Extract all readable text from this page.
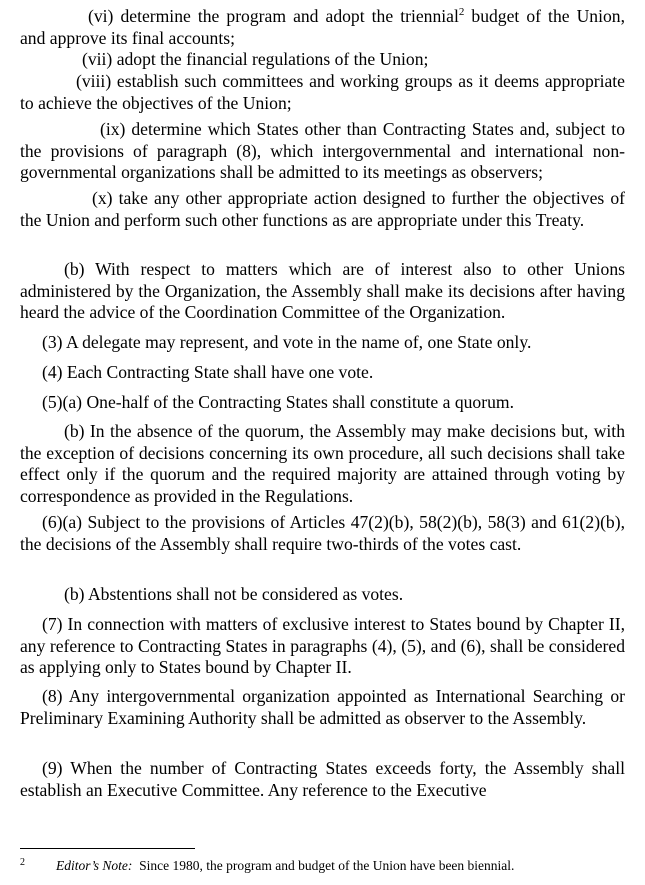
(vi) determine the program and adopt the triennial$^2$ budget of the Union, and approve its final accounts;

(vii) adopt the financial regulations of the Union;

(viii) establish such committees and working groups as it deems appropriate to achieve the objectives of the Union;

(ix) determine which States other than Contracting States and, subject to the provisions of paragraph (8), which intergovernmental and international non-governmental organizations shall be admitted to its meetings as observers;

(x) take any other appropriate action designed to further the objectives of the Union and perform such other functions as are appropriate under this Treaty.

(b) With respect to matters which are of interest also to other Unions administered by the Organization, the Assembly shall make its decisions after having heard the advice of the Coordination Committee of the Organization.

(3) A delegate may represent, and vote in the name of, one State only.

(4) Each Contracting State shall have one vote.

(5)(a) One-half of the Contracting States shall constitute a quorum.

(b) In the absence of the quorum, the Assembly may make decisions but, with the exception of decisions concerning its own procedure, all such decisions shall take effect only if the quorum and the required majority are attained through voting by correspondence as provided in the Regulations.

(6)(a) Subject to the provisions of Articles 47(2)(b), 58(2)(b), 58(3) and 61(2)(b), the decisions of the Assembly shall require two-thirds of the votes cast.

(b) Abstentions shall not be considered as votes.

(7) In connection with matters of exclusive interest to States bound by Chapter II, any reference to Contracting States in paragraphs (4), (5), and (6), shall be considered as applying only to States bound by Chapter II.

(8) Any intergovernmental organization appointed as International Searching or Preliminary Examining Authority shall be admitted as observer to the Assembly.

(9) When the number of Contracting States exceeds forty, the Assembly shall establish an Executive Committee. Any reference to the Executive

2 Editor’s Note:  Since 1980, the program and budget of the Union have been biennial.
